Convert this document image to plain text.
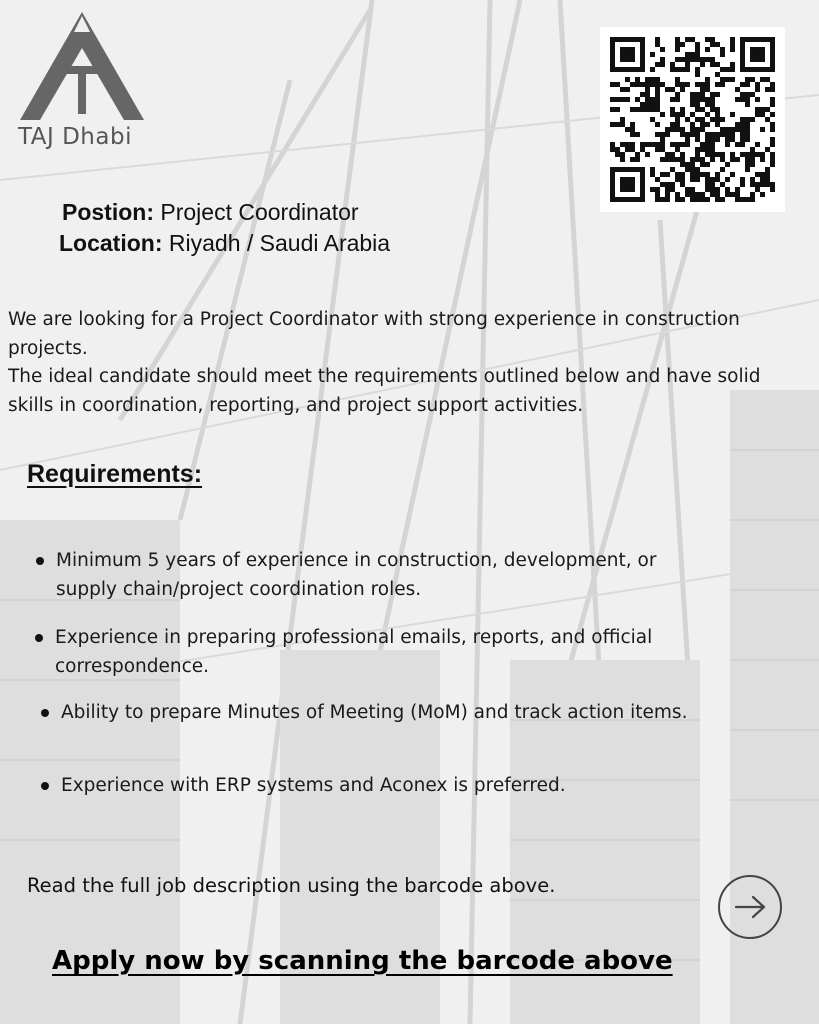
TAJ Dhabi
Postion: Project Coordinator
Location: Riyadh / Saudi Arabia

We are looking for a Project Coordinator with strong experience in construction projects.

The ideal candidate should meet the requirements outlined below and have solid skills in coordination, reporting, and project support activities.

Requirements:
Minimum 5 years of experience in construction, development, or supply chain/project coordination roles.
Experience in preparing professional emails, reports, and official correspondence.
Ability to prepare Minutes of Meeting (MoM) and track action items.
Experience with ERP systems and Aconex is preferred.
Read the full job description using the barcode above.
Apply now by scanning the barcode above
